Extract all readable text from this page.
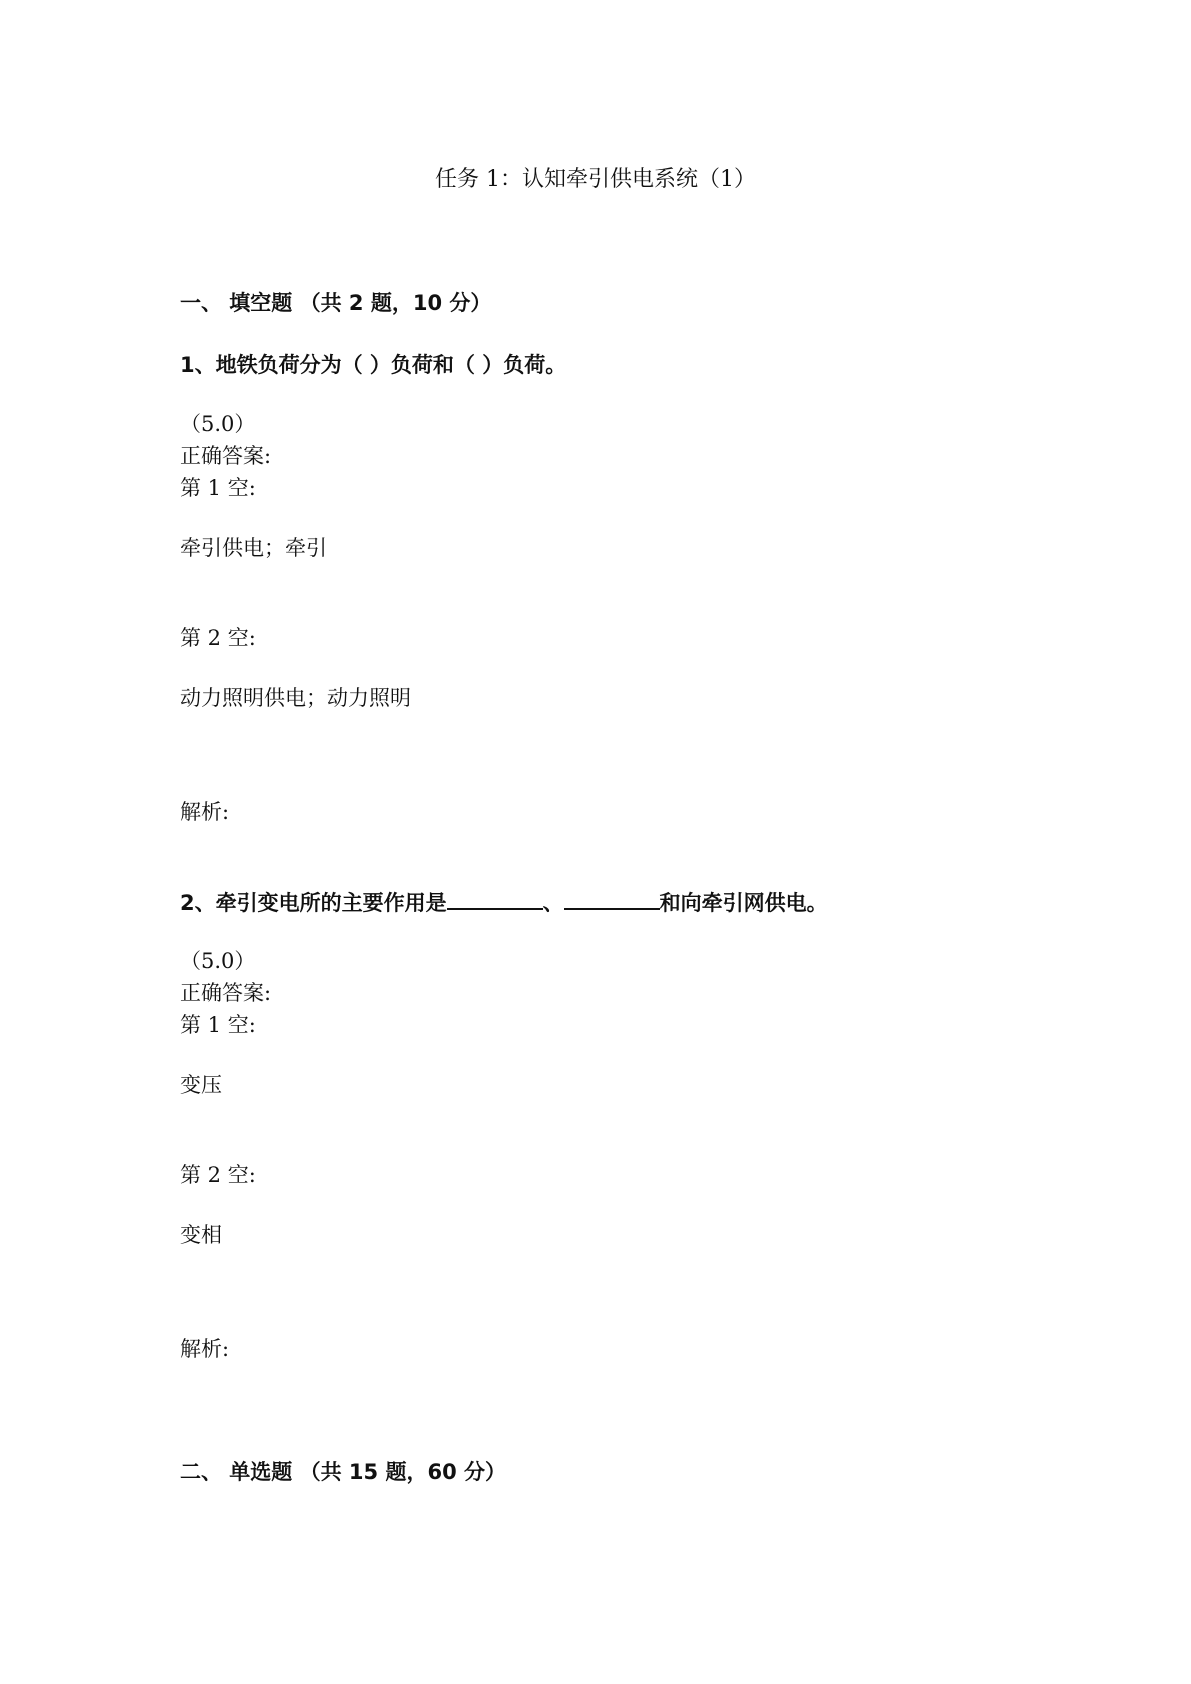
任务 1：认知牵引供电系统（1）
一、 填空题 （共 2 题，10 分）
1、地铁负荷分为（ ）负荷和（ ）负荷。
（5.0）
正确答案:
第 1 空:
牵引供电；牵引
第 2 空:
动力照明供电；动力照明
解析:
2、牵引变电所的主要作用是	、	和向牵引网供电。
（5.0）
正确答案:
第 1 空:
变压
第 2 空:
变相
解析:
二、 单选题 （共 15 题，60 分）
